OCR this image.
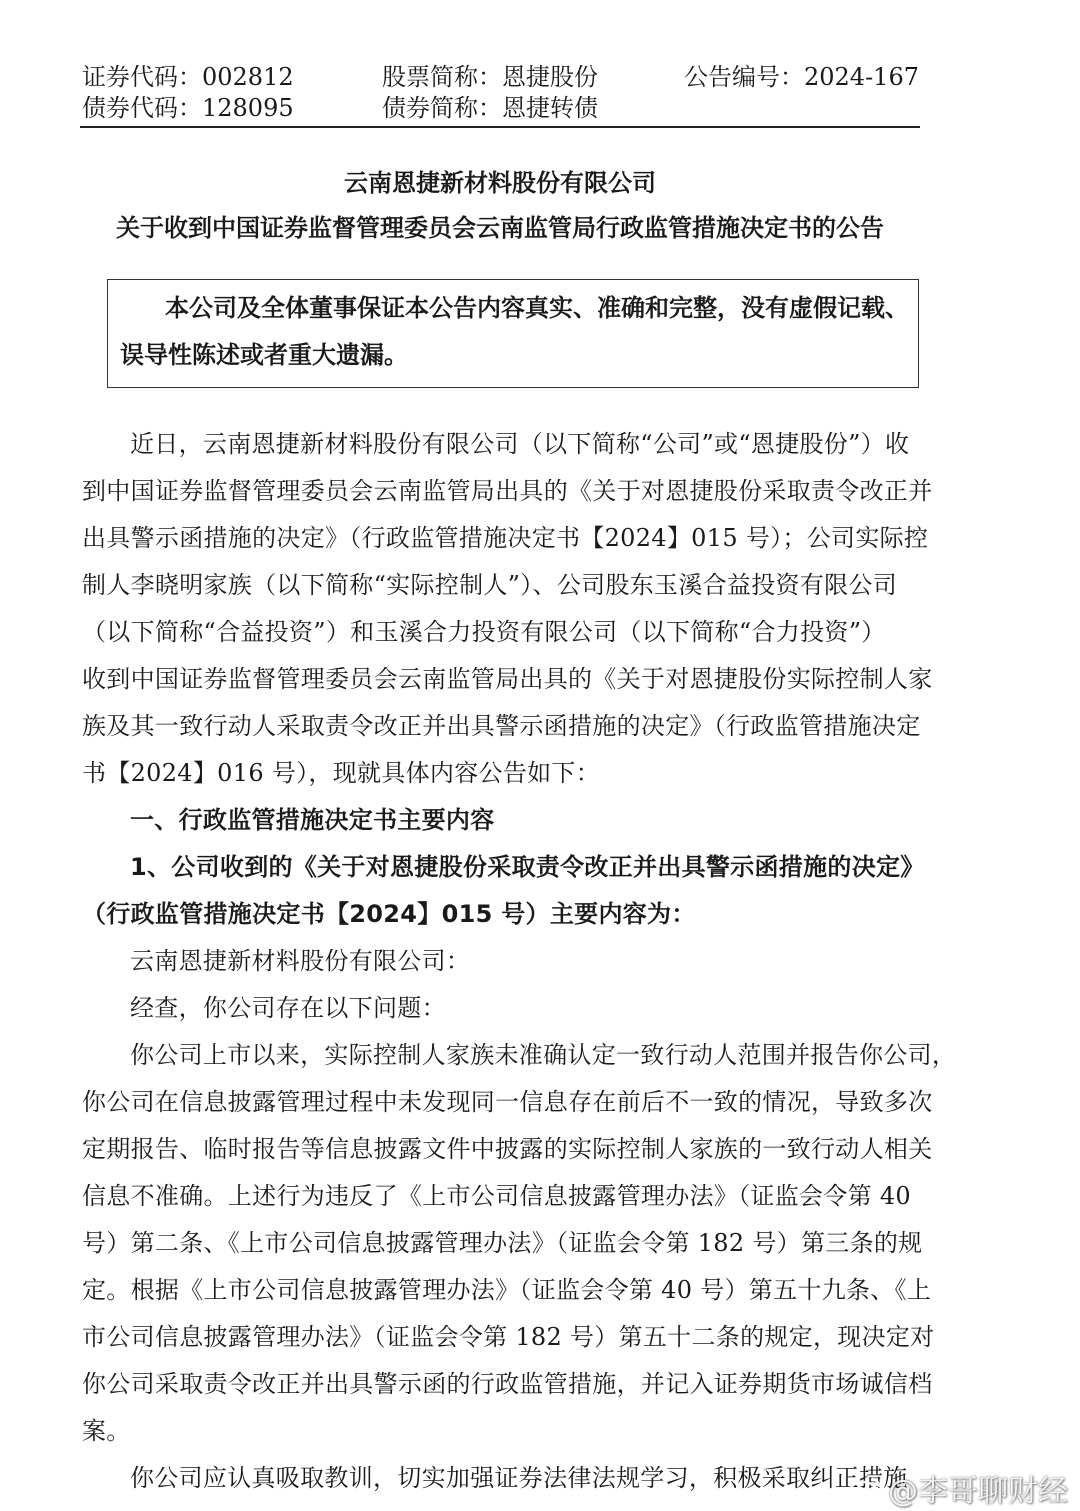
证券代码：002812	股票简称：恩捷股份	公告编号：2024-167
债券代码：128095	债券简称：恩捷转债
云南恩捷新材料股份有限公司
关于收到中国证券监督管理委员会云南监管局行政监管措施决定书的公告
本公司及全体董事保证本公告内容真实、准确和完整，没有虚假记载、
误导性陈述或者重大遗漏。
近日，云南恩捷新材料股份有限公司（以下简称“公司”或“恩捷股份”）收
到中国证券监督管理委员会云南监管局出具的《关于对恩捷股份采取责令改正并
出具警示函措施的决定》（行政监管措施决定书【2024】015 号）；公司实际控
制人李晓明家族（以下简称“实际控制人”）、公司股东玉溪合益投资有限公司
（以下简称“合益投资”）和玉溪合力投资有限公司（以下简称“合力投资”）
收到中国证券监督管理委员会云南监管局出具的《关于对恩捷股份实际控制人家
族及其一致行动人采取责令改正并出具警示函措施的决定》（行政监管措施决定
书【2024】016 号），现就具体内容公告如下：
一、行政监管措施决定书主要内容
1、公司收到的《关于对恩捷股份采取责令改正并出具警示函措施的决定》
（行政监管措施决定书【2024】015 号）主要内容为：
云南恩捷新材料股份有限公司：
经查，你公司存在以下问题：
你公司上市以来，实际控制人家族未准确认定一致行动人范围并报告你公司，
你公司在信息披露管理过程中未发现同一信息存在前后不一致的情况，导致多次
定期报告、临时报告等信息披露文件中披露的实际控制人家族的一致行动人相关
信息不准确。上述行为违反了《上市公司信息披露管理办法》（证监会令第 40
号）第二条、《上市公司信息披露管理办法》（证监会令第 182 号）第三条的规
定。根据《上市公司信息披露管理办法》（证监会令第 40 号）第五十九条、《上
市公司信息披露管理办法》（证监会令第 182 号）第五十二条的规定，现决定对
你公司采取责令改正并出具警示函的行政监管措施，并记入证券期货市场诚信档
案。
你公司应认真吸取教训，切实加强证券法律法规学习，积极采取纠正措施
@李哥聊财经
